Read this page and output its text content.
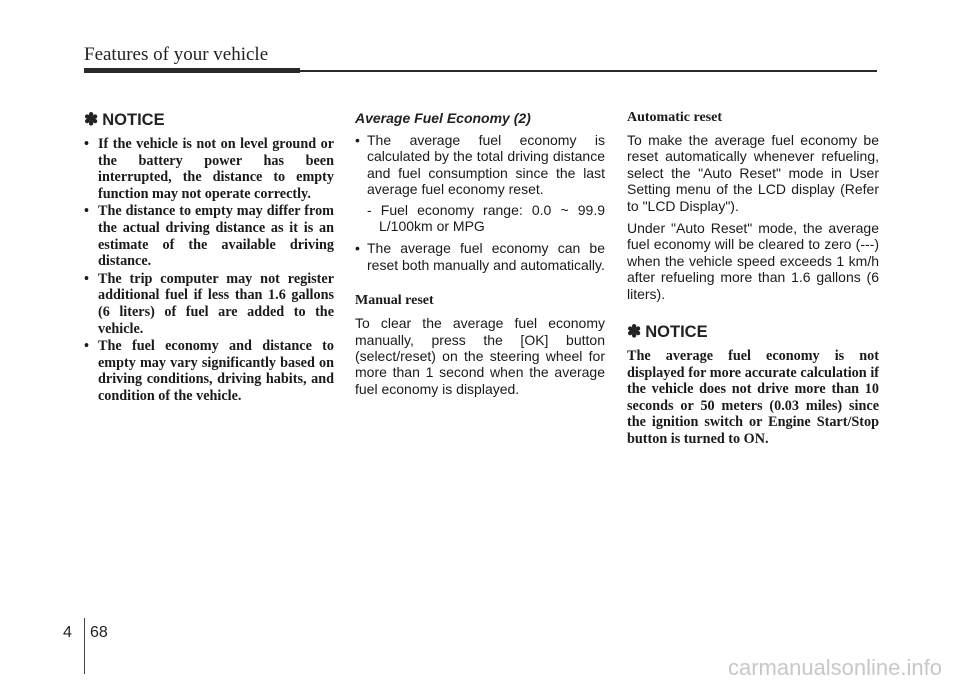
Features of your vehicle
✽ NOTICE
• If the vehicle is not on level ground or the battery power has been interrupted, the distance to empty function may not operate correctly.
• The distance to empty may differ from the actual driving distance as it is an estimate of the available driving distance.
• The trip computer may not register additional fuel if less than 1.6 gallons (6 liters) of fuel are added to the vehicle.
• The fuel economy and distance to empty may vary significantly based on driving conditions, driving habits, and condition of the vehicle.
Average Fuel Economy (2)
• The average fuel economy is calculated by the total driving distance and fuel consumption since the last average fuel economy reset.
- Fuel economy range: 0.0 ~ 99.9 L/100km or MPG
• The average fuel economy can be reset both manually and automatically.
Manual reset
To clear the average fuel economy manually, press the [OK] button (select/reset) on the steering wheel for more than 1 second when the average fuel economy is displayed.
Automatic reset
To make the average fuel economy be reset automatically whenever refueling, select the "Auto Reset" mode in User Setting menu of the LCD display (Refer to "LCD Display").
Under "Auto Reset" mode, the average fuel economy will be cleared to zero (---) when the vehicle speed exceeds 1 km/h after refueling more than 1.6 gallons (6 liters).
✽ NOTICE
The average fuel economy is not displayed for more accurate calculation if the vehicle does not drive more than 10 seconds or 50 meters (0.03 miles) since the ignition switch or Engine Start/Stop button is turned to ON.
4 68
carmanualsonline.info
